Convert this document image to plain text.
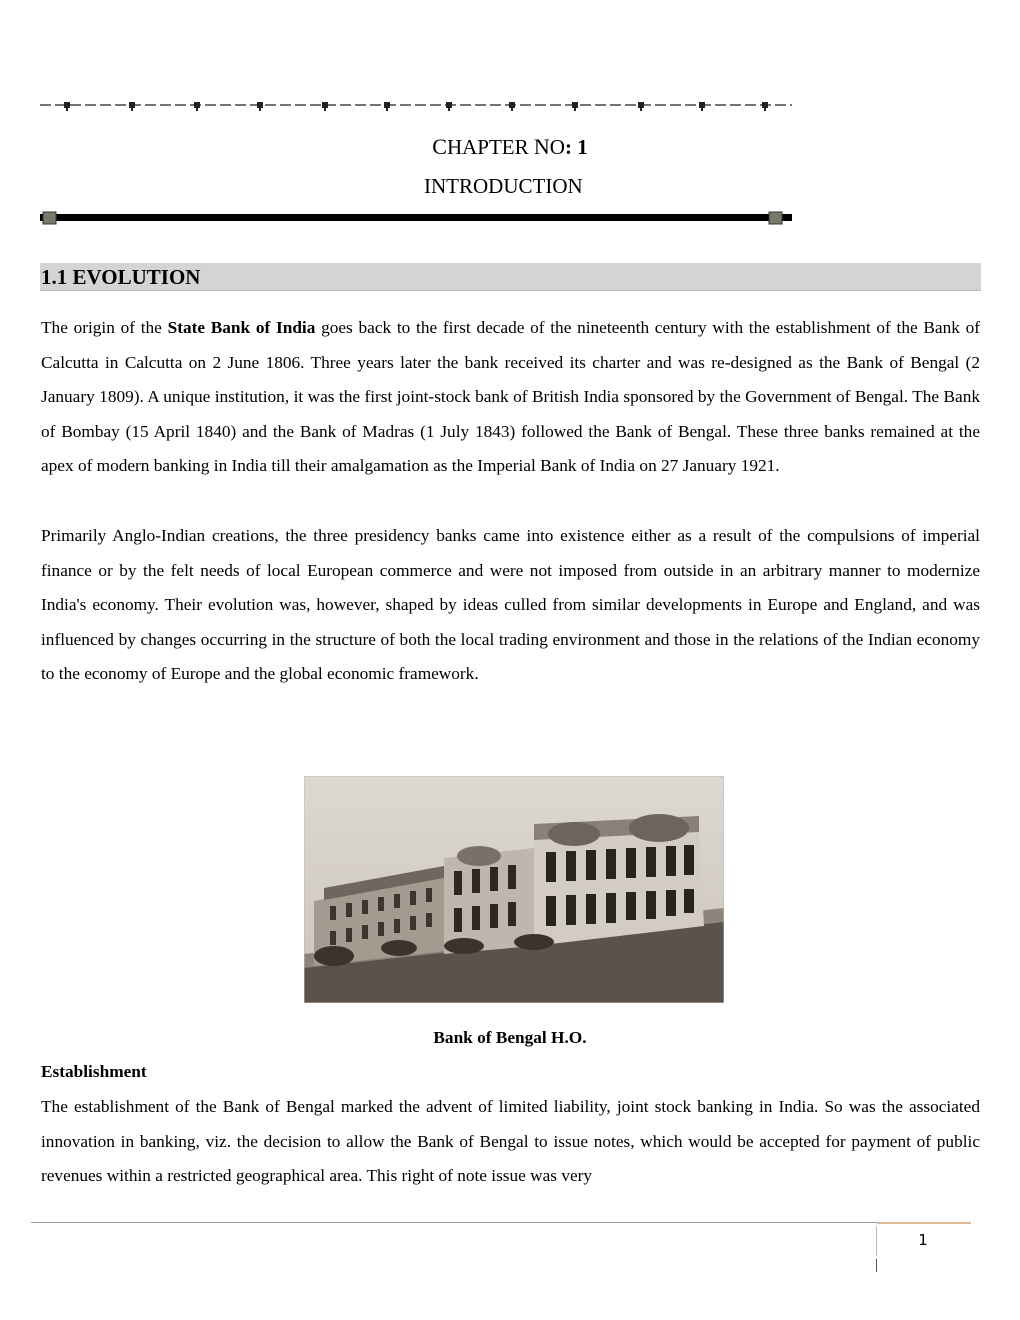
CHAPTER NO: 1
INTRODUCTION
1.1 EVOLUTION

The origin of the State Bank of India goes back to the first decade of the nineteenth century with the establishment of the Bank of Calcutta in Calcutta on 2 June 1806. Three years later the bank received its charter and was re-designed as the Bank of Bengal (2 January 1809). A unique institution, it was the first joint-stock bank of British India sponsored by the Government of Bengal. The Bank of Bombay (15 April 1840) and the Bank of Madras (1 July 1843) followed the Bank of Bengal. These three banks remained at the apex of modern banking in India till their amalgamation as the Imperial Bank of India on 27 January 1921.

Primarily Anglo-Indian creations, the three presidency banks came into existence either as a result of the compulsions of imperial finance or by the felt needs of local European commerce and were not imposed from outside in an arbitrary manner to modernize India's economy. Their evolution was, however, shaped by ideas culled from similar developments in Europe and England, and was influenced by changes occurring in the structure of both the local trading environment and those in the relations of the Indian economy to the economy of Europe and the global economic framework.

Bank of Bengal H.O.
Establishment

The establishment of the Bank of Bengal marked the advent of limited liability, joint stock banking in India. So was the associated innovation in banking, viz. the decision to allow the Bank of Bengal to issue notes, which would be accepted for payment of public revenues within a restricted geographical area. This right of note issue was very

1
